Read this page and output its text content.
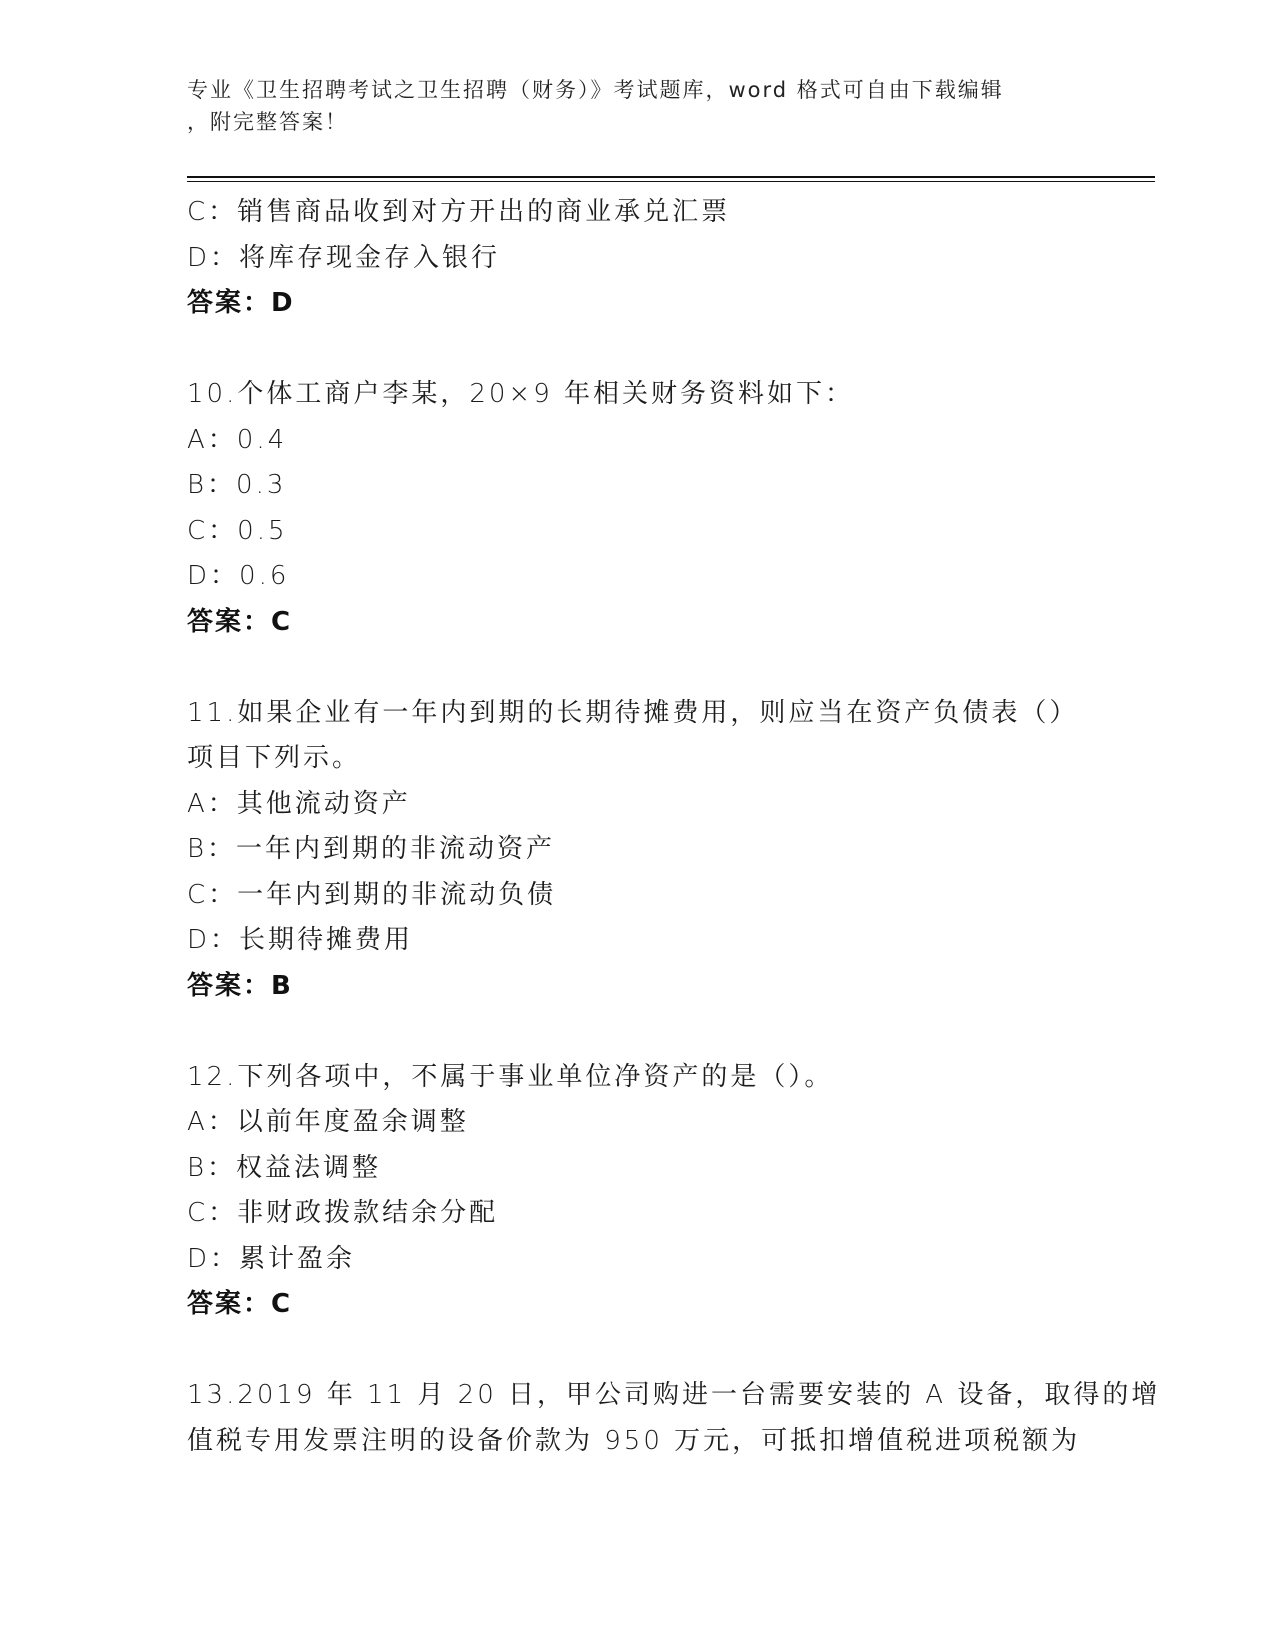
专业《卫生招聘考试之卫生招聘（财务）》考试题库，word 格式可自由下载编辑
，附完整答案！
C：销售商品收到对方开出的商业承兑汇票
D：将库存现金存入银行
答案：D
10.个体工商户李某，20×9 年相关财务资料如下：
A：0.4
B：0.3
C：0.5
D：0.6
答案：C
11.如果企业有一年内到期的长期待摊费用，则应当在资产负债表（）
项目下列示。
A：其他流动资产
B：一年内到期的非流动资产
C：一年内到期的非流动负债
D：长期待摊费用
答案：B
12.下列各项中，不属于事业单位净资产的是（）。
A：以前年度盈余调整
B：权益法调整
C：非财政拨款结余分配
D：累计盈余
答案：C
13.2019 年 11 月 20 日，甲公司购进一台需要安装的 A 设备，取得的增
值税专用发票注明的设备价款为 950 万元，可抵扣增值税进项税额为
